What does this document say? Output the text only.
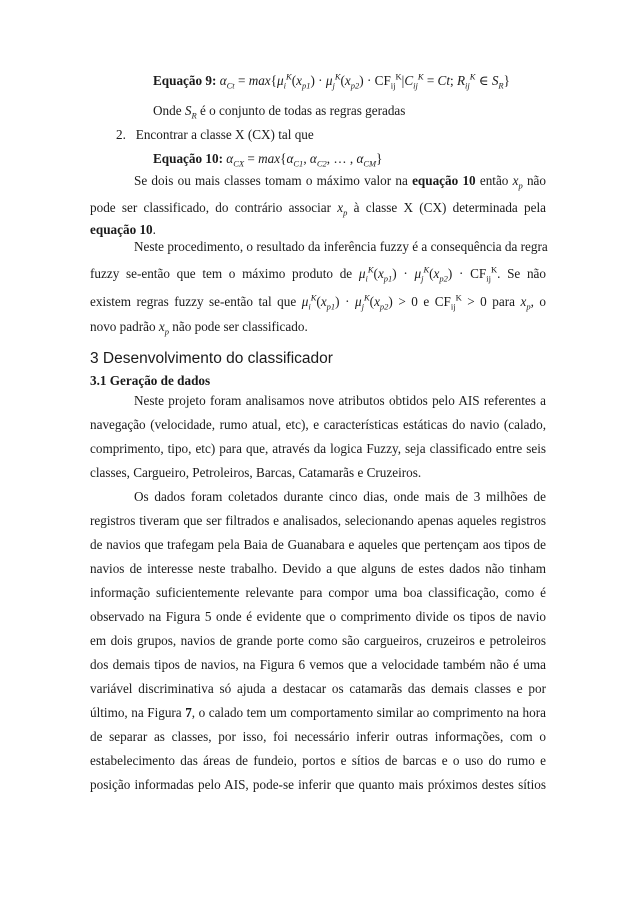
Equação 9: $\alpha_{Ct} = \max\{\mu_i^K(x_{p1}) \cdot \mu_j^K(x_{p2}) \cdot CF_{ij}^K|C_{ij}^K = Ct$; $R_{ij}^K$ ∈ $S_R$}
Onde $S_R$ é o conjunto de todas as regras geradas
2. Encontrar a classe X (CX) tal que
Equação 10: $\alpha_{CX} = \max\{\alpha_{C1}$, $\alpha_{C2}$, … , $\alpha_{CM}$}
Se dois ou mais classes tomam o máximo valor na equação 10 então $x_p$ não
pode ser classificado, do contrário associar $x_p$ à classe X (CX) determinada pela
equação 10.
Neste procedimento, o resultado da inferência fuzzy é a consequência da regra
fuzzy se-então que tem o máximo produto de $\mu_i^K(x_{p1}) \cdot \mu_j^K(x_{p2}) \cdot CF_{ij}^K$. Se não
existem regras fuzzy se-então tal que $\mu_i^K(x_{p1}) \cdot \mu_j^K(x_{p2}) > 0$ e $CF_{ij}^K > 0$ para $x_p$, o
novo padrão $x_p$ não pode ser classificado.
3 Desenvolvimento do classificador
3.1 Geração de dados
Neste projeto foram analisamos nove atributos obtidos pelo AIS referentes a
navegação (velocidade, rumo atual, etc), e características estáticas do navio (calado,
comprimento, tipo, etc) para que, através da logica Fuzzy, seja classificado entre seis
classes, Cargueiro, Petroleiros, Barcas, Catamarãs e Cruzeiros.
Os dados foram coletados durante cinco dias, onde mais de 3 milhões de
registros tiveram que ser filtrados e analisados, selecionando apenas aqueles registros
de navios que trafegam pela Baia de Guanabara e aqueles que pertençam aos tipos de
navios de interesse neste trabalho. Devido a que alguns de estes dados não tinham
informação suficientemente relevante para compor uma boa classificação, como é
observado na Figura 5 onde é evidente que o comprimento divide os tipos de navio
em dois grupos, navios de grande porte como são cargueiros, cruzeiros e petroleiros
dos demais tipos de navios, na Figura 6 vemos que a velocidade também não é uma
variável discriminativa só ajuda a destacar os catamarãs das demais classes e por
último, na Figura 7, o calado tem um comportamento similar ao comprimento na hora
de separar as classes, por isso, foi necessário inferir outras informações, com o
estabelecimento das áreas de fundeio, portos e sítios de barcas e o uso do rumo e
posição informadas pelo AIS, pode-se inferir que quanto mais próximos destes sítios
